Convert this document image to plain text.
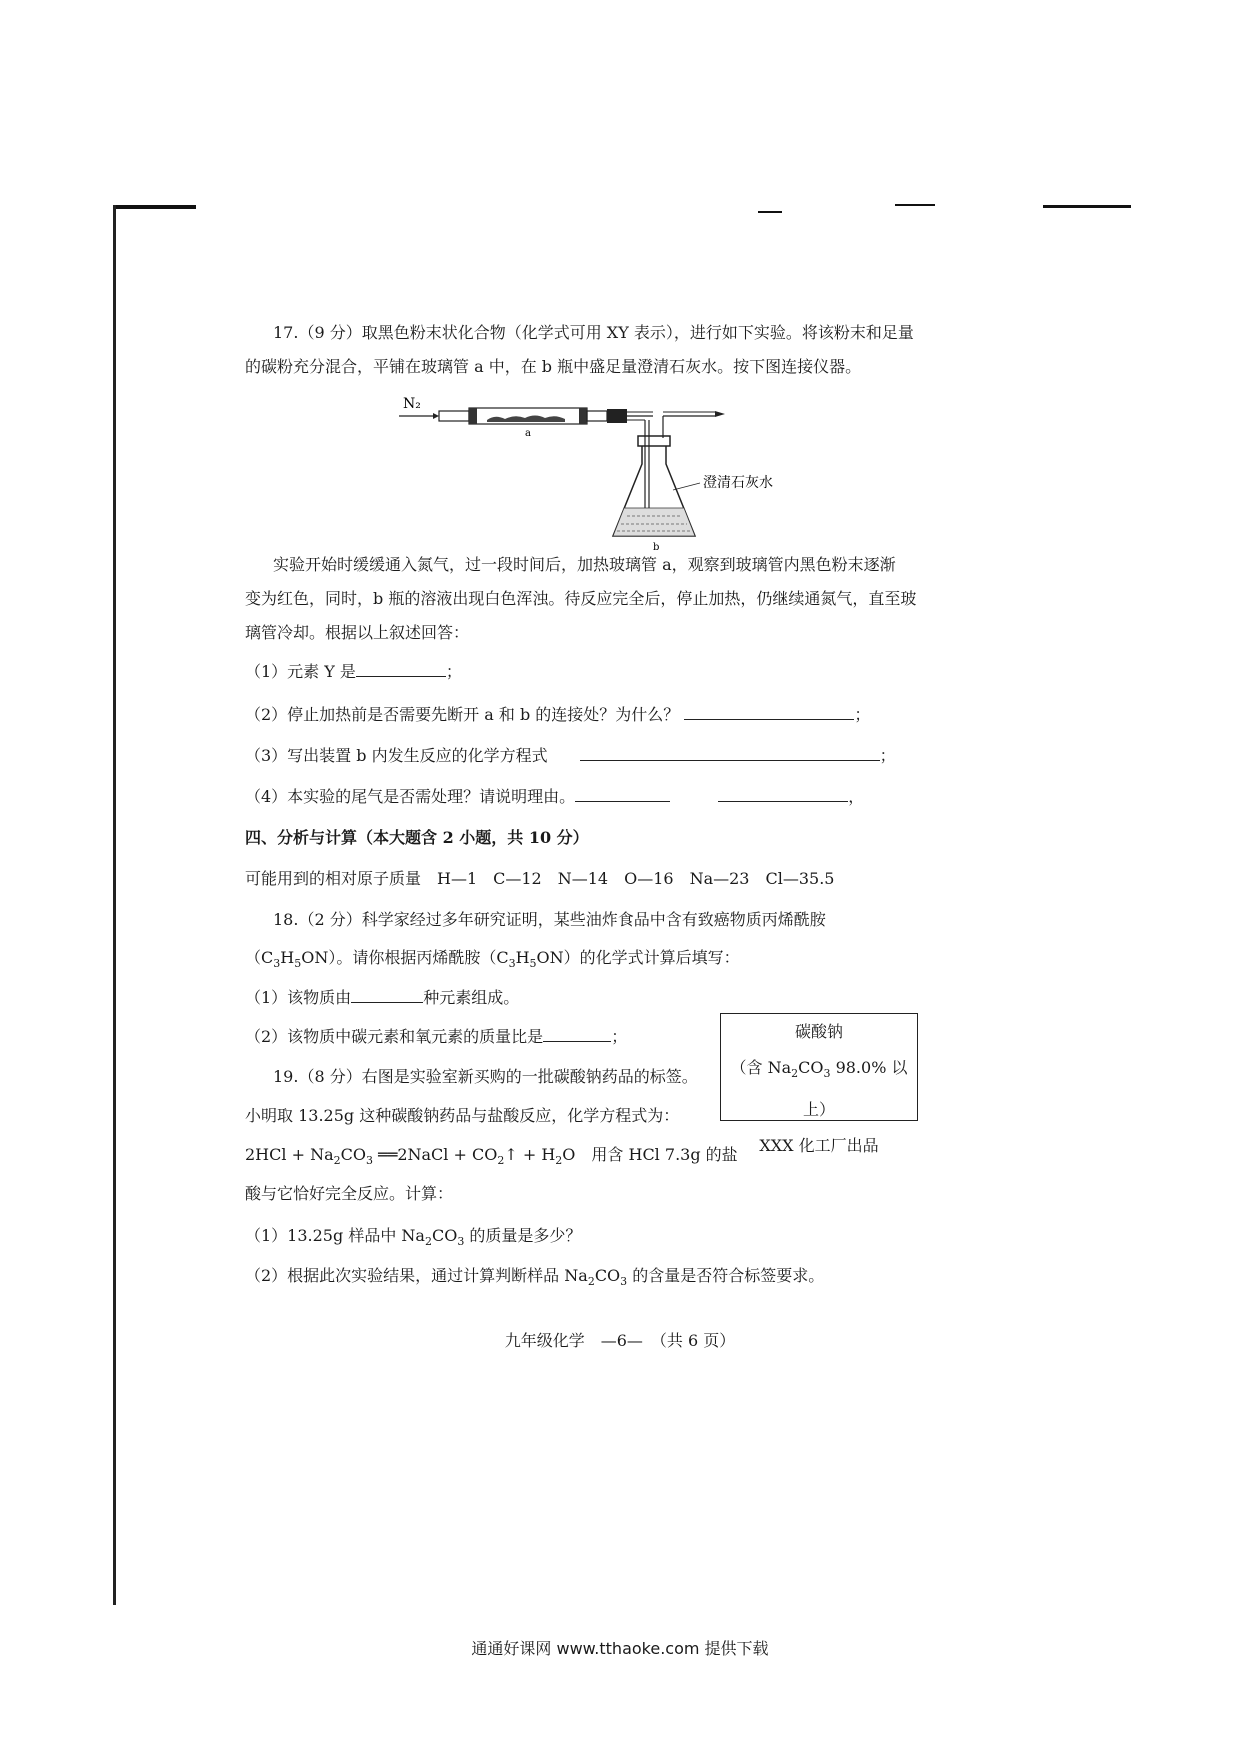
17.（9 分）取黑色粉末状化合物（化学式可用 XY 表示），进行如下实验。将该粉末和足量

的碳粉充分混合，平铺在玻璃管 a 中，在 b 瓶中盛足量澄清石灰水。按下图连接仪器。

N₂
a
澄清石灰水
b

实验开始时缓缓通入氮气，过一段时间后，加热玻璃管 a，观察到玻璃管内黑色粉末逐渐

变为红色，同时，b 瓶的溶液出现白色浑浊。待反应完全后，停止加热，仍继续通氮气，直至玻

璃管冷却。根据以上叙述回答：

（1）元素 Y 是	；
（2）停止加热前是否需要先断开 a 和 b 的连接处？为什么？	；
（3）写出装置 b 内发生反应的化学方程式　　	；
（4）本实验的尾气是否需处理？请说明理由。　　　	，
四、分析与计算（本大题含 2 小题，共 10 分）
可能用到的相对原子质量　H—1　C—12　N—14　O—16　Na—23　Cl—35.5
18.（2 分）科学家经过多年研究证明，某些油炸食品中含有致癌物质丙烯酰胺
$(C_3H_5ON)$。请你根据丙烯酰胺$(C_3H_5ON)$的化学式计算后填写：
（1）该物质由	种元素组成。
（2）该物质中碳元素和氧元素的质量比是	；
19.（8 分）右图是实验室新买购的一批碳酸钠药品的标签。
小明取 13.25g 这种碳酸钠药品与盐酸反应，化学方程式为：
$2HCl + Na_2CO_3$ ══2NaCl + $CO_2↑ + H_2O$　用含 HCl 7.3g 的盐
酸与它恰好完全反应。计算：
（1）13.25g 样品中 $Na_2CO_3$ 的质量是多少？
（2）根据此次实验结果，通过计算判断样品 $Na_2CO_3$ 的含量是否符合标签要求。
碳酸钠
（含 $Na_2CO_3$ 98.0% 以上）
XXX 化工厂出品
九年级化学　—6—　（共 6 页）
通通好课网 www.tthaoke.com 提供下载
